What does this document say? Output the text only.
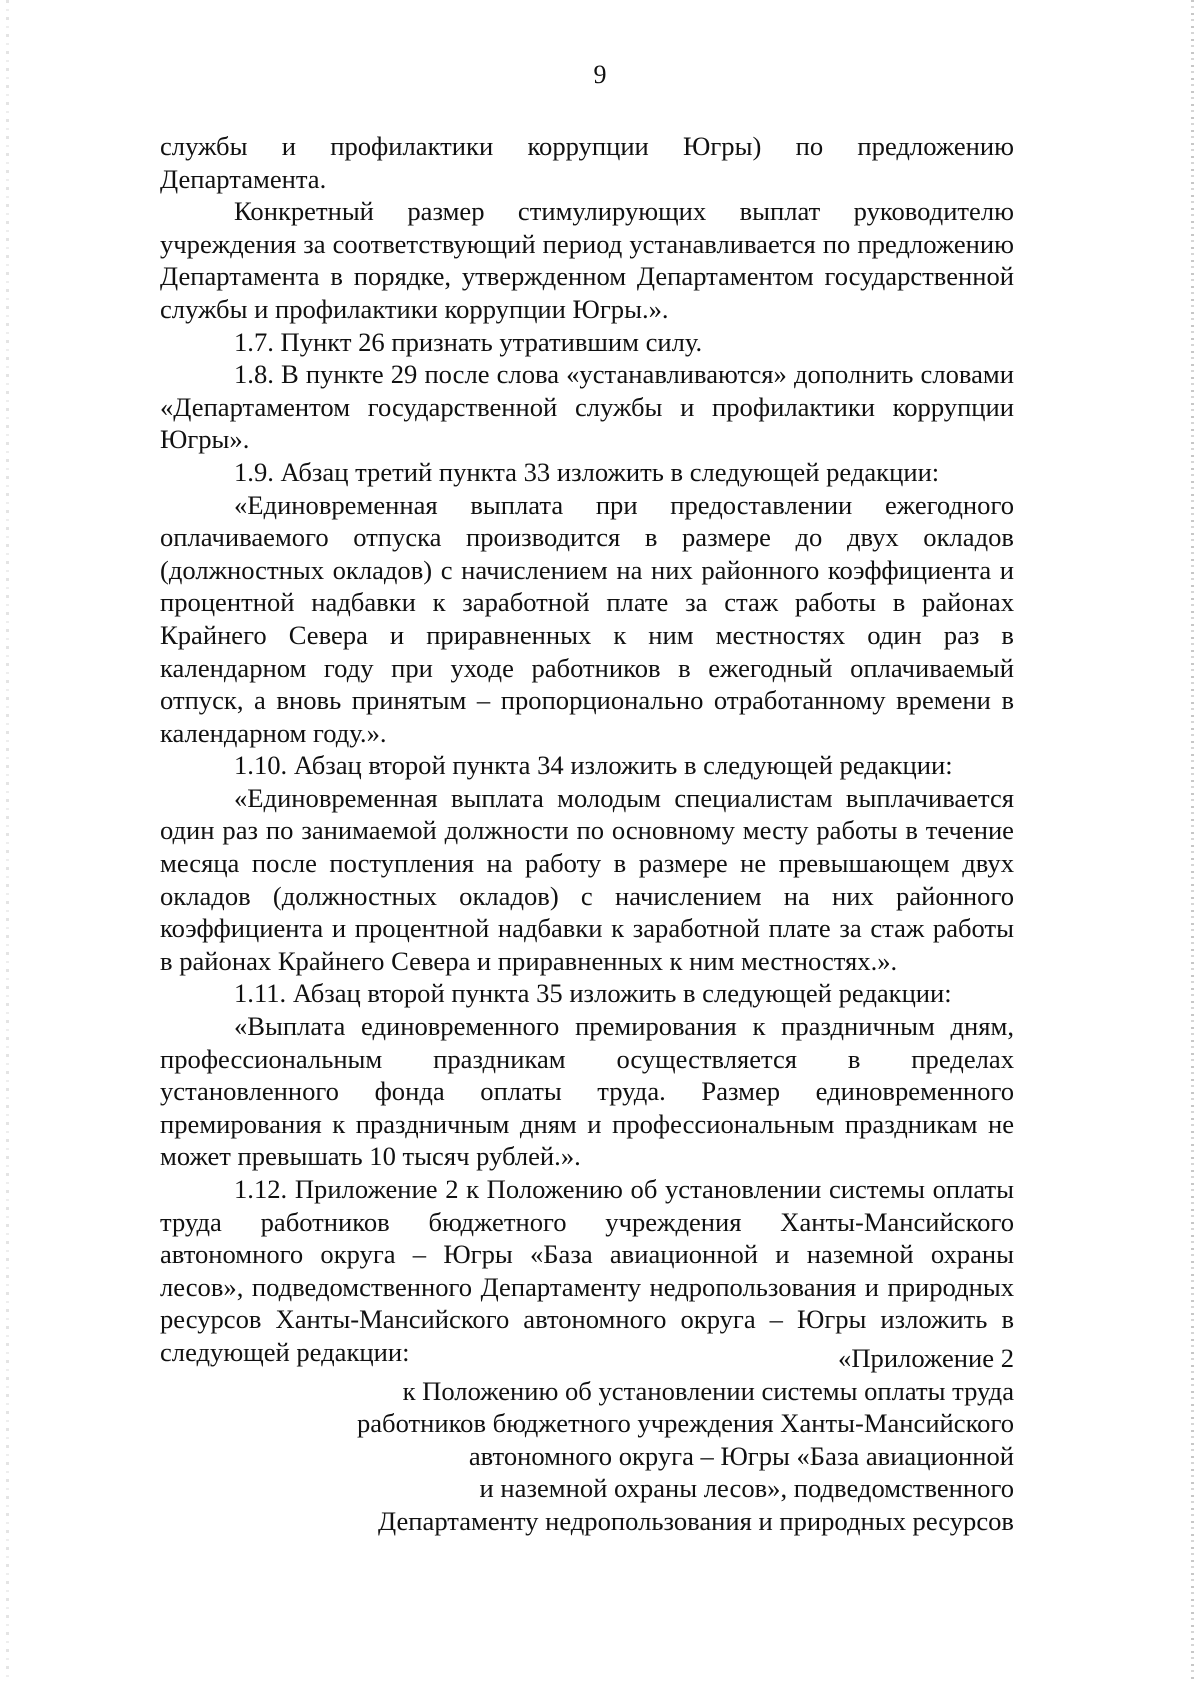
9

службы и профилактики коррупции Югры) по предложению Департамента.

Конкретный размер стимулирующих выплат руководителю учреждения за соответствующий период устанавливается по предложению Департамента в порядке, утвержденном Департаментом государственной службы и профилактики коррупции Югры.».

1.7. Пункт 26 признать утратившим силу.

1.8. В пункте 29 после слова «устанавливаются» дополнить словами «Департаментом государственной службы и профилактики коррупции Югры».

1.9. Абзац третий пункта 33 изложить в следующей редакции:

«Единовременная выплата при предоставлении ежегодного оплачиваемого отпуска производится в размере до двух окладов (должностных окладов) с начислением на них районного коэффициента и процентной надбавки к заработной плате за стаж работы в районах Крайнего Севера и приравненных к ним местностях один раз в календарном году при уходе работников в ежегодный оплачиваемый отпуск, а вновь принятым – пропорционально отработанному времени в календарном году.».

1.10. Абзац второй пункта 34 изложить в следующей редакции:

«Единовременная выплата молодым специалистам выплачивается один раз по занимаемой должности по основному месту работы в течение месяца после поступления на работу в размере не превышающем двух окладов (должностных окладов) с начислением на них районного коэффициента и процентной надбавки к заработной плате за стаж работы в районах Крайнего Севера и приравненных к ним местностях.».

1.11. Абзац второй пункта 35 изложить в следующей редакции:

«Выплата единовременного премирования к праздничным дням, профессиональным праздникам осуществляется в пределах установленного фонда оплаты труда. Размер единовременного премирования к праздничным дням и профессиональным праздникам не может превышать 10 тысяч рублей.».

1.12. Приложение 2 к Положению об установлении системы оплаты труда работников бюджетного учреждения Ханты-Мансийского автономного округа – Югры «База авиационной и наземной охраны лесов», подведомственного Департаменту недропользования и природных ресурсов Ханты-Мансийского автономного округа – Югры изложить в следующей редакции:	«Приложение 2
к Положению об установлении системы оплаты труда
работников бюджетного учреждения Ханты-Мансийского
автономного округа – Югры «База авиационной
и наземной охраны лесов», подведомственного
Департаменту недропользования и природных ресурсов
